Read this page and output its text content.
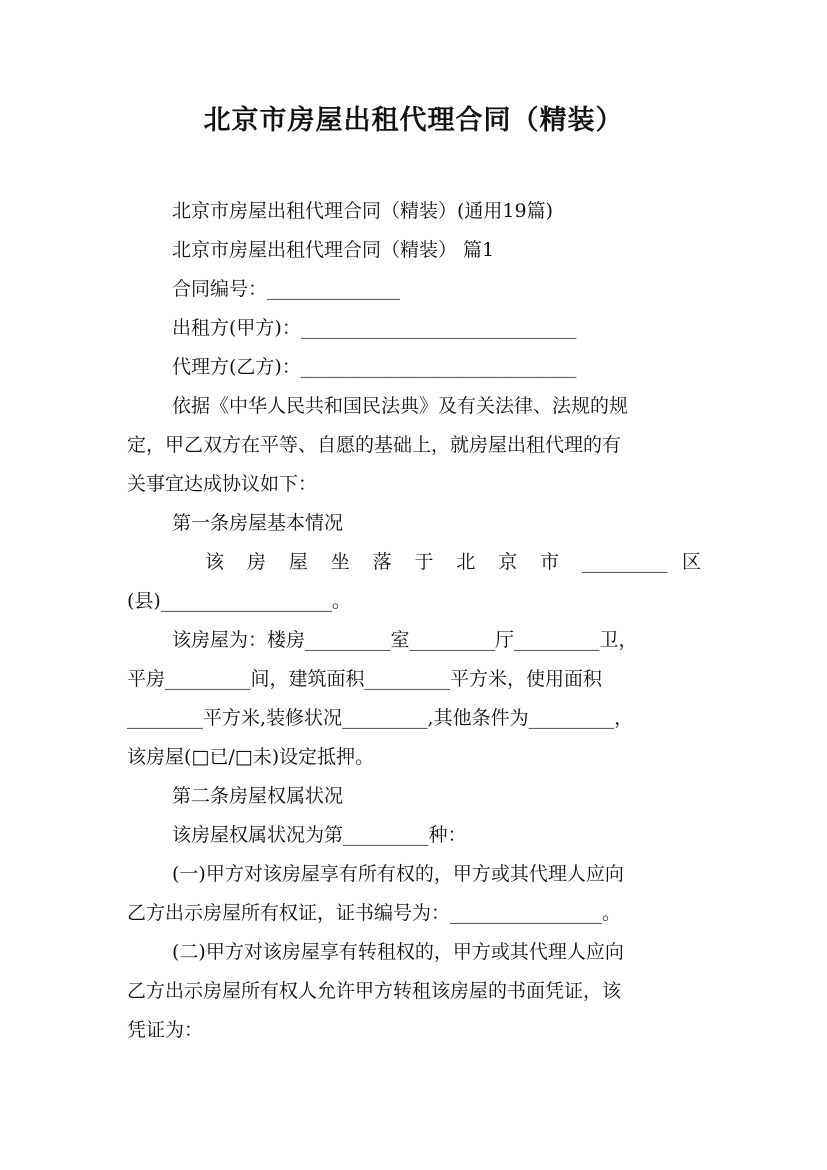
北京市房屋出租代理合同（精装）
北京市房屋出租代理合同（精装）(通用19篇)
北京市房屋出租代理合同（精装） 篇1
合同编号：______________
出租方(甲方)：_____________________________
代理方(乙方)：_____________________________
依据《中华人民共和国民法典》及有关法律、法规的规
定，甲乙双方在平等、自愿的基础上，就房屋出租代理的有
关事宜达成协议如下：
第一条房屋基本情况
该 房 屋 坐 落 于 北 京 市 _________ 区
(县)__________________。
该房屋为：楼房_________室_________厅_________卫，
平房_________间，建筑面积_________平方米，使用面积
________平方米,装修状况_________,其他条件为_________，
该房屋(□已/□未)设定抵押。
第二条房屋权属状况
该房屋权属状况为第_________种：
(一)甲方对该房屋享有所有权的，甲方或其代理人应向
乙方出示房屋所有权证，证书编号为：________________。
(二)甲方对该房屋享有转租权的，甲方或其代理人应向
乙方出示房屋所有权人允许甲方转租该房屋的书面凭证，该
凭证为：
